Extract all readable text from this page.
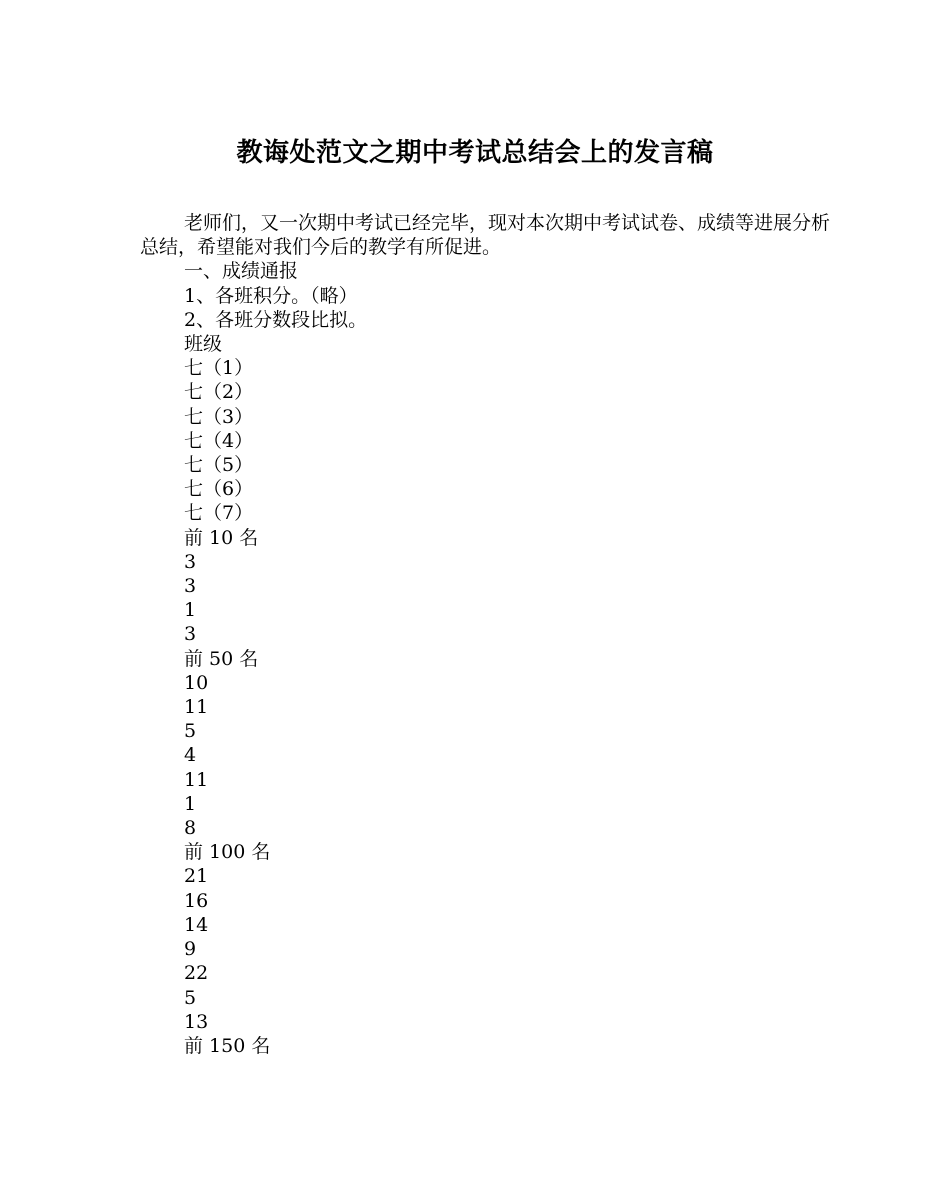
教诲处范文之期中考试总结会上的发言稿

老师们，又一次期中考试已经完毕，现对本次期中考试试卷、成绩等进展分析总结，希望能对我们今后的教学有所促进。

一、成绩通报

1、各班积分。（略）

2、各班分数段比拟。

班级

七（1）

七（2）

七（3）

七（4）

七（5）

七（6）

七（7）

前 10 名

3

3

1

3

前 50 名

10

11

5

4

11

1

8

前 100 名

21

16

14

9

22

5

13

前 150 名
